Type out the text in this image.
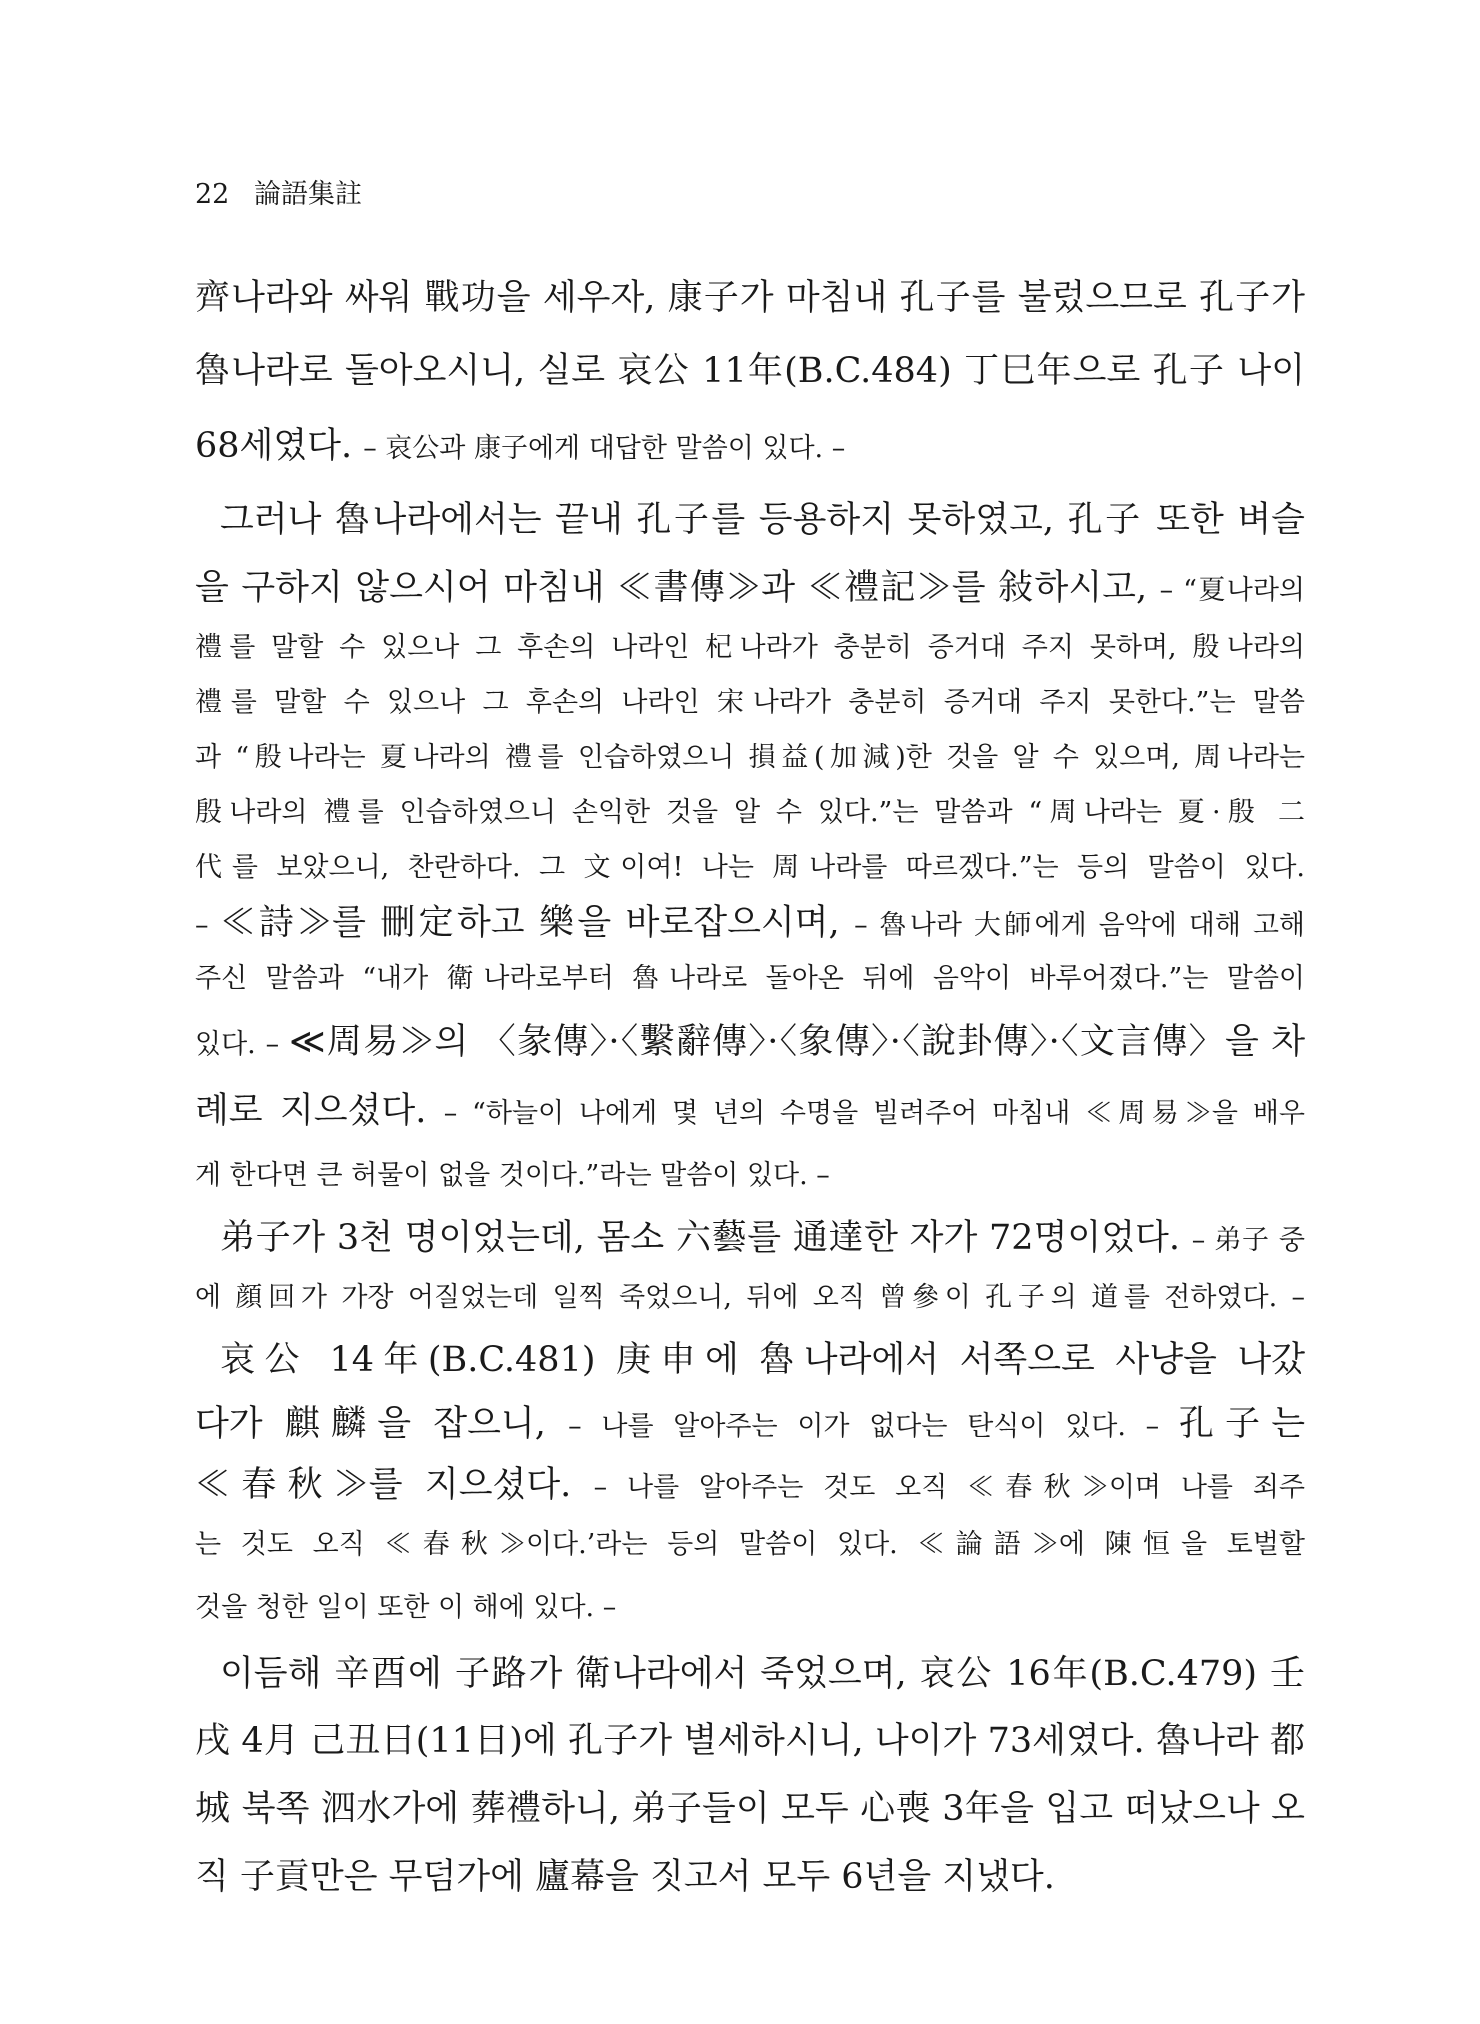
22 論語集註
齊나라와 싸워 戰功을 세우자, 康子가 마침내 孔子를 불렀으므로 孔子가
魯나라로 돌아오시니, 실로 哀公 11年(B.C.484) 丁巳年으로 孔子 나이
68세였다. – 哀公과 康子에게 대답한 말씀이 있다. –
그러나 魯나라에서는 끝내 孔子를 등용하지 못하였고, 孔子 또한 벼슬
을 구하지 않으시어 마침내 ≪書傳≫과 ≪禮記≫를 敍하시고, – “夏나라의
禮를 말할 수 있으나 그 후손의 나라인 杞나라가 충분히 증거대 주지 못하며, 殷나라의
禮를 말할 수 있으나 그 후손의 나라인 宋나라가 충분히 증거대 주지 못한다.”는 말씀
과 “殷나라는 夏나라의 禮를 인습하였으니 損益(加減)한 것을 알 수 있으며, 周나라는
殷나라의 禮를 인습하였으니 손익한 것을 알 수 있다.”는 말씀과 “周나라는 夏·殷 二
代를 보았으니, 찬란하다. 그 文이여! 나는 周나라를 따르겠다.”는 등의 말씀이 있다.
– ≪詩≫를 刪定하고 樂을 바로잡으시며, – 魯나라 大師에게 음악에 대해 고해
주신 말씀과 “내가 衛나라로부터 魯나라로 돌아온 뒤에 음악이 바루어졌다.”는 말씀이
있다. – ≪周易≫의 〈彖傳〉·〈繫辭傳〉·〈象傳〉·〈說卦傳〉·〈文言傳〉을 차
례로 지으셨다. – “하늘이 나에게 몇 년의 수명을 빌려주어 마침내 ≪周易≫을 배우
게 한다면 큰 허물이 없을 것이다.”라는 말씀이 있다. –
弟子가 3천 명이었는데, 몸소 六藝를 通達한 자가 72명이었다. – 弟子 중
에 顔回가 가장 어질었는데 일찍 죽었으니, 뒤에 오직 曾參이 孔子의 道를 전하였다. –
哀公 14年(B.C.481) 庚申에 魯나라에서 서쪽으로 사냥을 나갔
다가 麒麟을 잡으니, – 나를 알아주는 이가 없다는 탄식이 있다. – 孔子는
≪春秋≫를 지으셨다. – 나를 알아주는 것도 오직 ≪春秋≫이며 나를 죄주
는 것도 오직 ≪春秋≫이다.’라는 등의 말씀이 있다. ≪論語≫에 陳恒을 토벌할
것을 청한 일이 또한 이 해에 있다. –
이듬해 辛酉에 子路가 衛나라에서 죽었으며, 哀公 16年(B.C.479) 壬
戌 4月 己丑日(11日)에 孔子가 별세하시니, 나이가 73세였다. 魯나라 都
城 북쪽 泗水가에 葬禮하니, 弟子들이 모두 心喪 3年을 입고 떠났으나 오
직 子貢만은 무덤가에 廬幕을 짓고서 모두 6년을 지냈다.
